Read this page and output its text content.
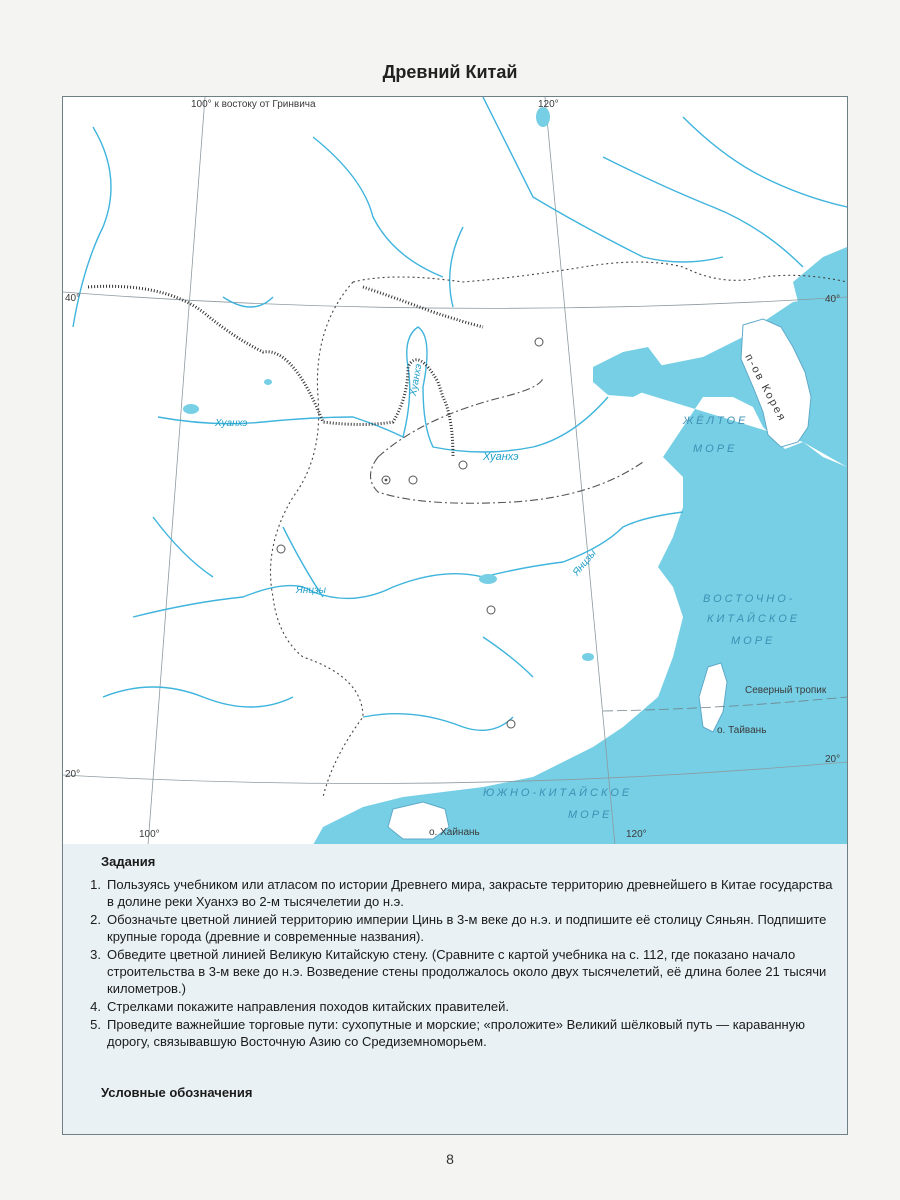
Древний Китай
100° к востоку от Гринвича	120°
100°	120°
40°	40°
20°
20°
Северный тропик
ЖЁЛТОЕ
МОРЕ
ВОСТОЧНО-
КИТАЙСКОЕ
МОРЕ
ЮЖНО-КИТАЙСКОЕ
МОРЕ
п-ов Корея
о. Тайвань
о. Хайнань
Хуанхэ
Хуанхэ
Хуанхэ
Янцзы
Янцзы
Задания
1. Пользуясь учебником или атласом по истории Древнего мира, закрасьте территорию древнейшего в Китае государства в долине реки Хуанхэ во 2-м тысячелетии до н.э.
2. Обозначьте цветной линией территорию империи Цинь в 3-м веке до н.э. и подпишите её столицу Сяньян. Подпишите крупные города (древние и современные названия).
3. Обведите цветной линией Великую Китайскую стену. (Сравните с картой учебника на с. 112, где показано начало строительства в 3-м веке до н.э. Возведение стены продолжалось около двух тысячелетий, её длина более 21 тысячи километров.)
4. Стрелками покажите направления походов китайских правителей.
5. Проведите важнейшие торговые пути: сухопутные и морские; «проложите» Великий шёлковый путь — караванную дорогу, связывавшую Восточную Азию со Средиземноморьем.
Условные обозначения
8
